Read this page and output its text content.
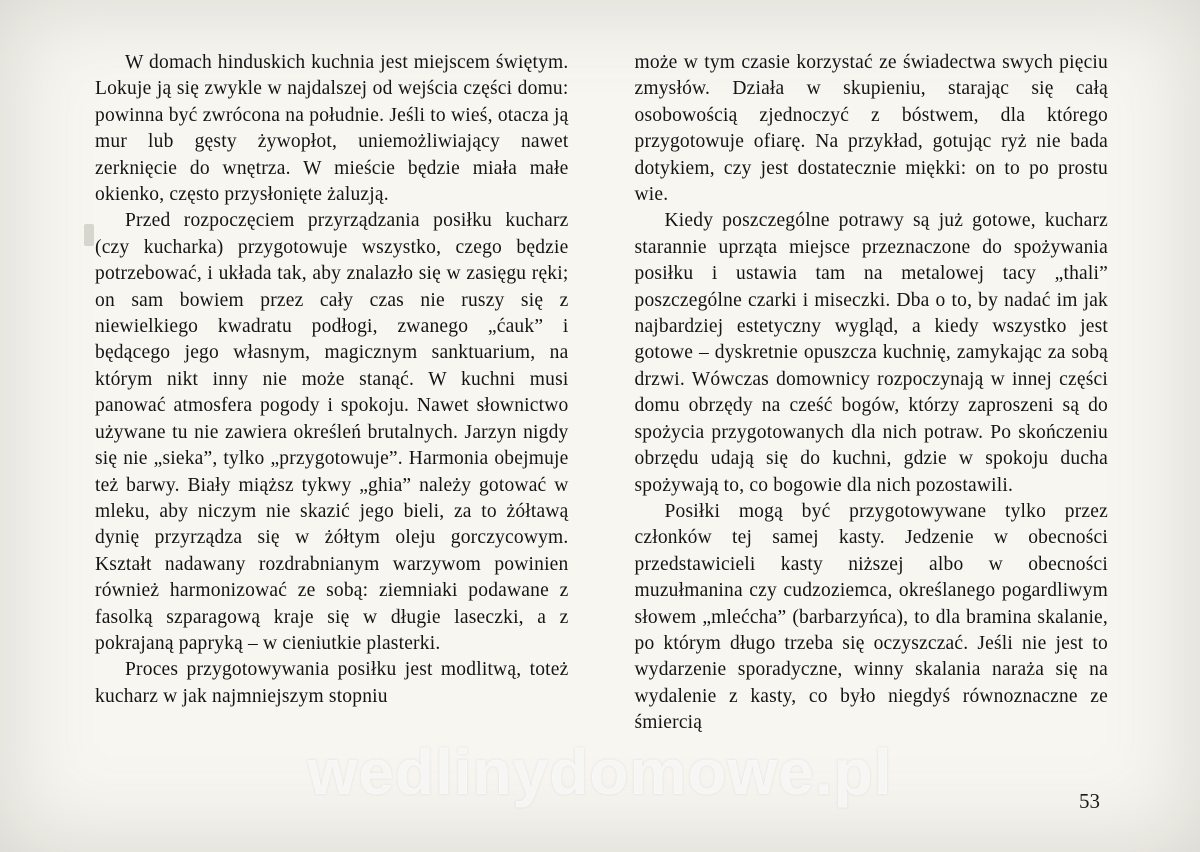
W domach hinduskich kuchnia jest miejscem świętym. Lokuje ją się zwykle w najdalszej od wejścia części domu: powinna być zwrócona na południe. Jeśli to wieś, otacza ją mur lub gęsty żywopłot, uniemożliwiający nawet zerknięcie do wnętrza. W mieście będzie miała małe okienko, często przysłonięte żaluzją.

Przed rozpoczęciem przyrządzania posiłku kucharz (czy kucharka) przygotowuje wszystko, czego będzie potrzebować, i układa tak, aby znalazło się w zasięgu ręki; on sam bowiem przez cały czas nie ruszy się z niewielkiego kwadratu podłogi, zwanego „ćauk” i będącego jego własnym, magicznym sanktuarium, na którym nikt inny nie może stanąć. W kuchni musi panować atmosfera pogody i spokoju. Nawet słownictwo używane tu nie zawiera określeń brutalnych. Jarzyn nigdy się nie „sieka”, tylko „przygotowuje”. Harmonia obejmuje też barwy. Biały miąższ tykwy „ghia” należy gotować w mleku, aby niczym nie skazić jego bieli, za to żółtawą dynię przyrządza się w żółtym oleju gorczycowym. Kształt nadawany rozdrabnianym warzywom powinien również harmonizować ze sobą: ziemniaki podawane z fasolką szparagową kraje się w długie laseczki, a z pokrajaną papryką – w cieniutkie plasterki.

Proces przygotowywania posiłku jest modlitwą, toteż kucharz w jak najmniejszym stopniu

może w tym czasie korzystać ze świadectwa swych pięciu zmysłów. Działa w skupieniu, starając się całą osobowością zjednoczyć z bóstwem, dla którego przygotowuje ofiarę. Na przykład, gotując ryż nie bada dotykiem, czy jest dostatecznie miękki: on to po prostu wie.

Kiedy poszczególne potrawy są już gotowe, kucharz starannie uprząta miejsce przeznaczone do spożywania posiłku i ustawia tam na metalowej tacy „thali” poszczególne czarki i miseczki. Dba o to, by nadać im jak najbardziej estetyczny wygląd, a kiedy wszystko jest gotowe – dyskretnie opuszcza kuchnię, zamykając za sobą drzwi. Wówczas domownicy rozpoczynają w innej części domu obrzędy na cześć bogów, którzy zaproszeni są do spożycia przygotowanych dla nich potraw. Po skończeniu obrzędu udają się do kuchni, gdzie w spokoju ducha spożywają to, co bogowie dla nich pozostawili.

Posiłki mogą być przygotowywane tylko przez członków tej samej kasty. Jedzenie w obecności przedstawicieli kasty niższej albo w obecności muzułmanina czy cudzoziemca, określanego pogardliwym słowem „mlećcha” (barbarzyńca), to dla bramina skalanie, po którym długo trzeba się oczyszczać. Jeśli nie jest to wydarzenie sporadyczne, winny skalania naraża się na wydalenie z kasty, co było niegdyś równoznaczne ze śmiercią

wedlinydomowe.pl	53
